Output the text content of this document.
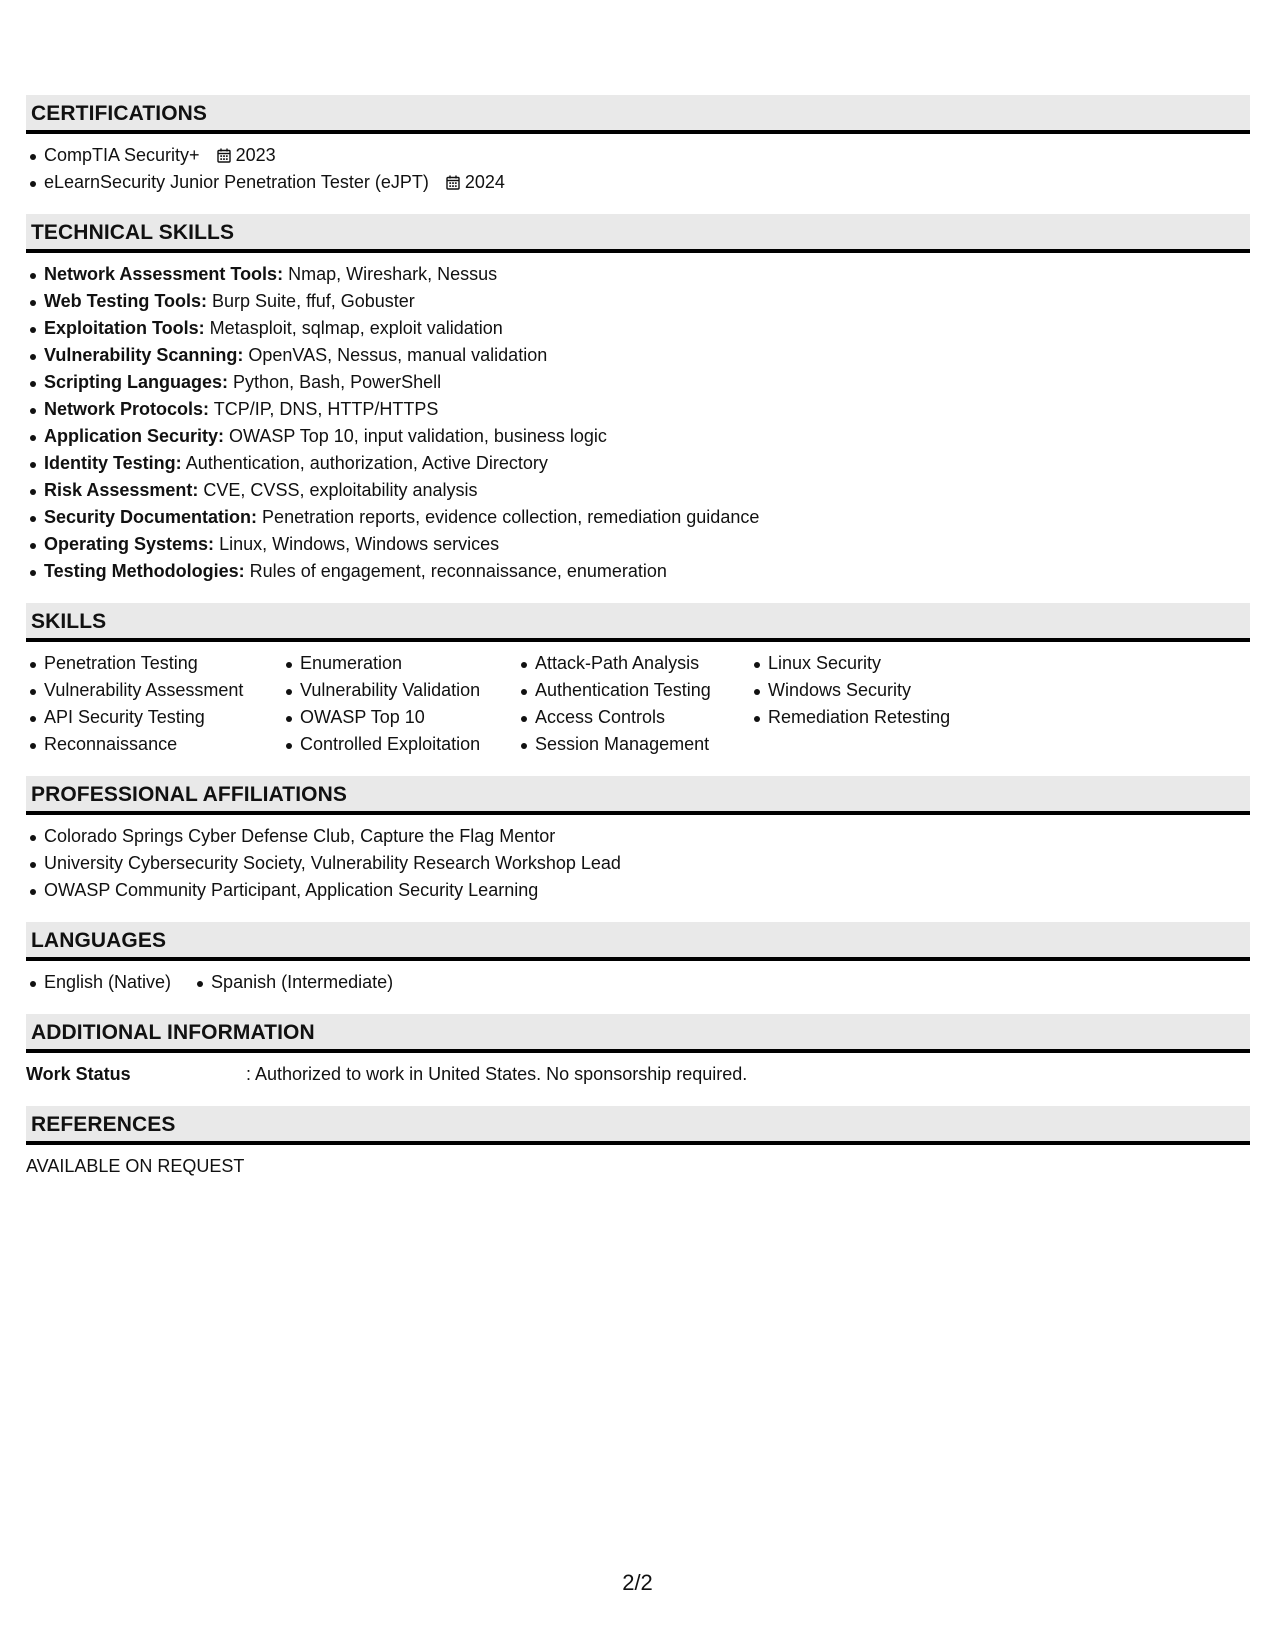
CERTIFICATIONS
CompTIA Security+ 2023
eLearnSecurity Junior Penetration Tester (eJPT) 2024
TECHNICAL SKILLS
Network Assessment Tools: Nmap, Wireshark, Nessus
Web Testing Tools: Burp Suite, ffuf, Gobuster
Exploitation Tools: Metasploit, sqlmap, exploit validation
Vulnerability Scanning: OpenVAS, Nessus, manual validation
Scripting Languages: Python, Bash, PowerShell
Network Protocols: TCP/IP, DNS, HTTP/HTTPS
Application Security: OWASP Top 10, input validation, business logic
Identity Testing: Authentication, authorization, Active Directory
Risk Assessment: CVE, CVSS, exploitability analysis
Security Documentation: Penetration reports, evidence collection, remediation guidance
Operating Systems: Linux, Windows, Windows services
Testing Methodologies: Rules of engagement, reconnaissance, enumeration
SKILLS
Penetration Testing
Vulnerability Assessment
API Security Testing
Reconnaissance
Enumeration
Vulnerability Validation
OWASP Top 10
Controlled Exploitation
Attack-Path Analysis
Authentication Testing
Access Controls
Session Management
Linux Security
Windows Security
Remediation Retesting
PROFESSIONAL AFFILIATIONS
Colorado Springs Cyber Defense Club, Capture the Flag Mentor
University Cybersecurity Society, Vulnerability Research Workshop Lead
OWASP Community Participant, Application Security Learning
LANGUAGES
English (Native)	Spanish (Intermediate)
ADDITIONAL INFORMATION
Work Status	: Authorized to work in United States. No sponsorship required.
REFERENCES
AVAILABLE ON REQUEST
2/2
